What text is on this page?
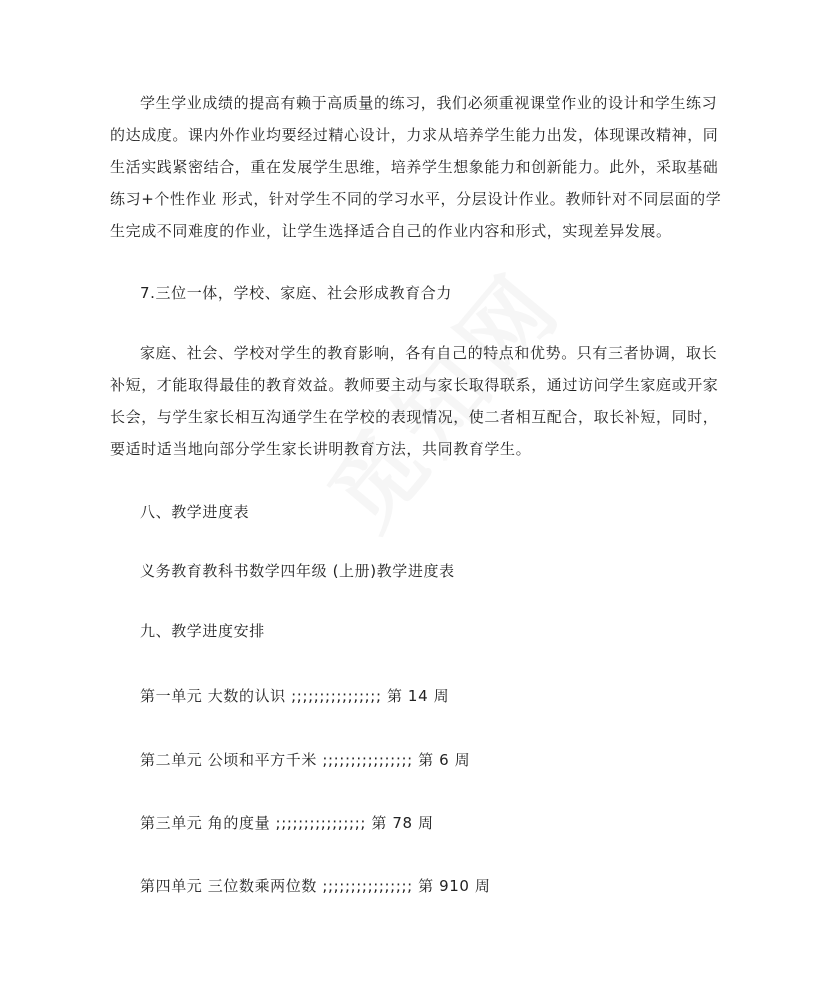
学生学业成绩的提高有赖于高质量的练习，我们必须重视课堂作业的设计和学生练习
的达成度。课内外作业均要经过精心设计，力求从培养学生能力出发，体现课改精神，同
生活实践紧密结合，重在发展学生思维，培养学生想象能力和创新能力。此外，采取基础
练习+个性作业 形式，针对学生不同的学习水平，分层设计作业。教师针对不同层面的学
生完成不同难度的作业，让学生选择适合自己的作业内容和形式，实现差异发展。
7.三位一体，学校、家庭、社会形成教育合力
家庭、社会、学校对学生的教育影响，各有自己的特点和优势。只有三者协调，取长
补短，才能取得最佳的教育效益。教师要主动与家长取得联系，通过访问学生家庭或开家
长会，与学生家长相互沟通学生在学校的表现情况，使二者相互配合，取长补短，同时，
要适时适当地向部分学生家长讲明教育方法，共同教育学生。
八、教学进度表
义务教育教科书数学四年级 (上册)教学进度表
九、教学进度安排
第一单元 大数的认识 ;;;;;;;;;;;;;;;; 第 14 周
第二单元 公顷和平方千米 ;;;;;;;;;;;;;;;; 第 6 周
第三单元 角的度量 ;;;;;;;;;;;;;;;; 第 78 周
第四单元 三位数乘两位数 ;;;;;;;;;;;;;;;; 第 910 周
